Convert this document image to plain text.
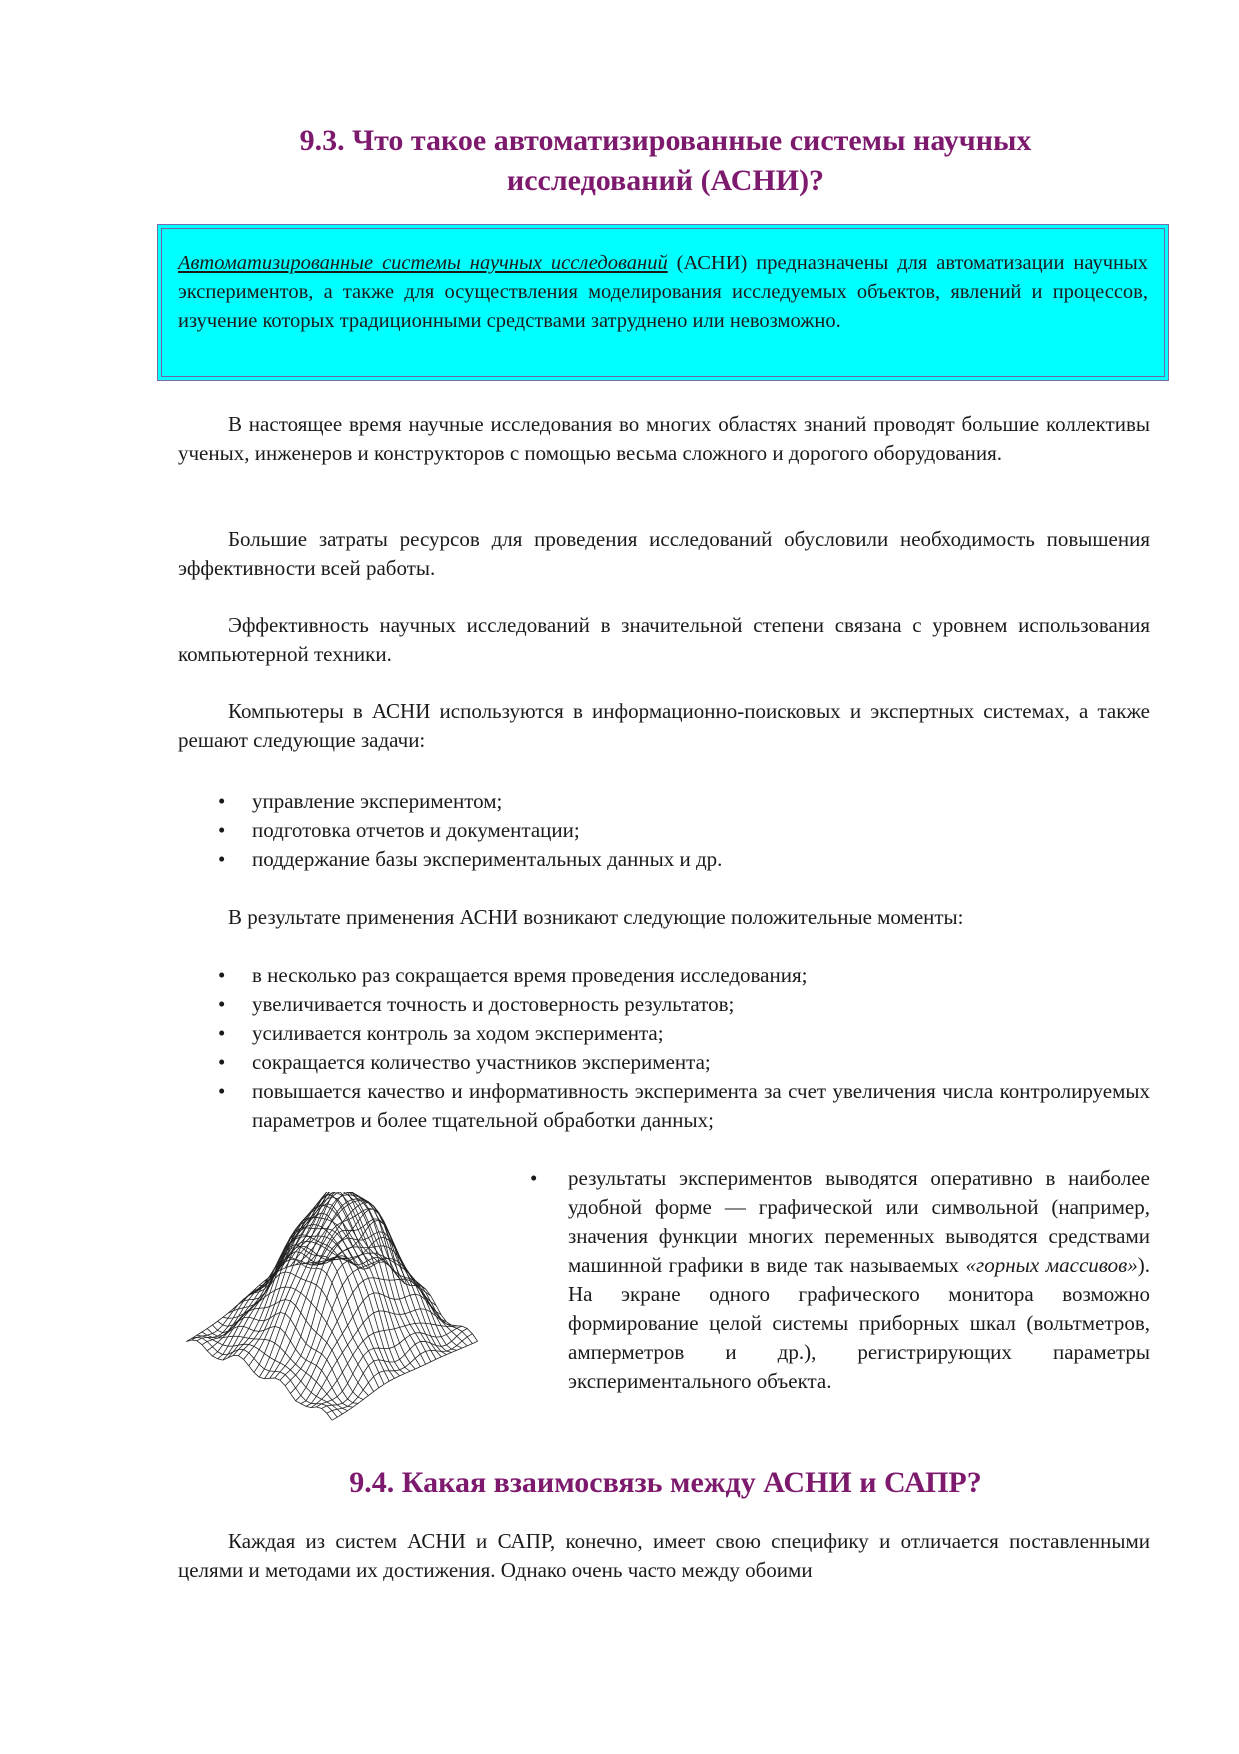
9.3. Что такое автоматизированные системы научных
исследований (АСНИ)?

Автоматизированные системы научных исследований (АСНИ) предназначены для автоматизации научных экспериментов, а также для осуществления моделирования исследуемых объектов, явлений и процессов, изучение которых традиционными средствами затруднено или невозможно.

В настоящее время научные исследования во многих областях знаний проводят большие коллективы ученых, инженеров и конструкторов с помощью весьма сложного и дорогого оборудования.

Большие затраты ресурсов для проведения исследований обусловили необходимость повышения эффективности всей работы.

Эффективность научных исследований в значительной степени связана с уровнем использования компьютерной техники.

Компьютеры в АСНИ используются в информационно-поисковых и экспертных системах, а также решают следующие задачи:

• управление экспериментом;
• подготовка отчетов и документации;
• поддержание базы экспериментальных данных и др.

В результате применения АСНИ возникают следующие положительные моменты:

• в несколько раз сокращается время проведения исследования;
• увеличивается точность и достоверность результатов;
• усиливается контроль за ходом эксперимента;
• сокращается количество участников эксперимента;
• повышается качество и информативность эксперимента за счет увеличения числа контролируемых параметров и более тщательной обработки данных;
• результаты экспериментов выводятся оперативно в наиболее удобной форме — графической или символьной (например, значения функции многих переменных выводятся средствами машинной графики в виде так называемых «горных массивов»). На экране одного графического монитора возможно формирование целой системы приборных шкал (вольтметров, амперметров и др.), регистрирующих параметры экспериментального объекта.
9.4. Какая взаимосвязь между АСНИ и САПР?

Каждая из систем АСНИ и САПР, конечно, имеет свою специфику и отличается поставленными целями и методами их достижения. Однако очень часто между обоими
